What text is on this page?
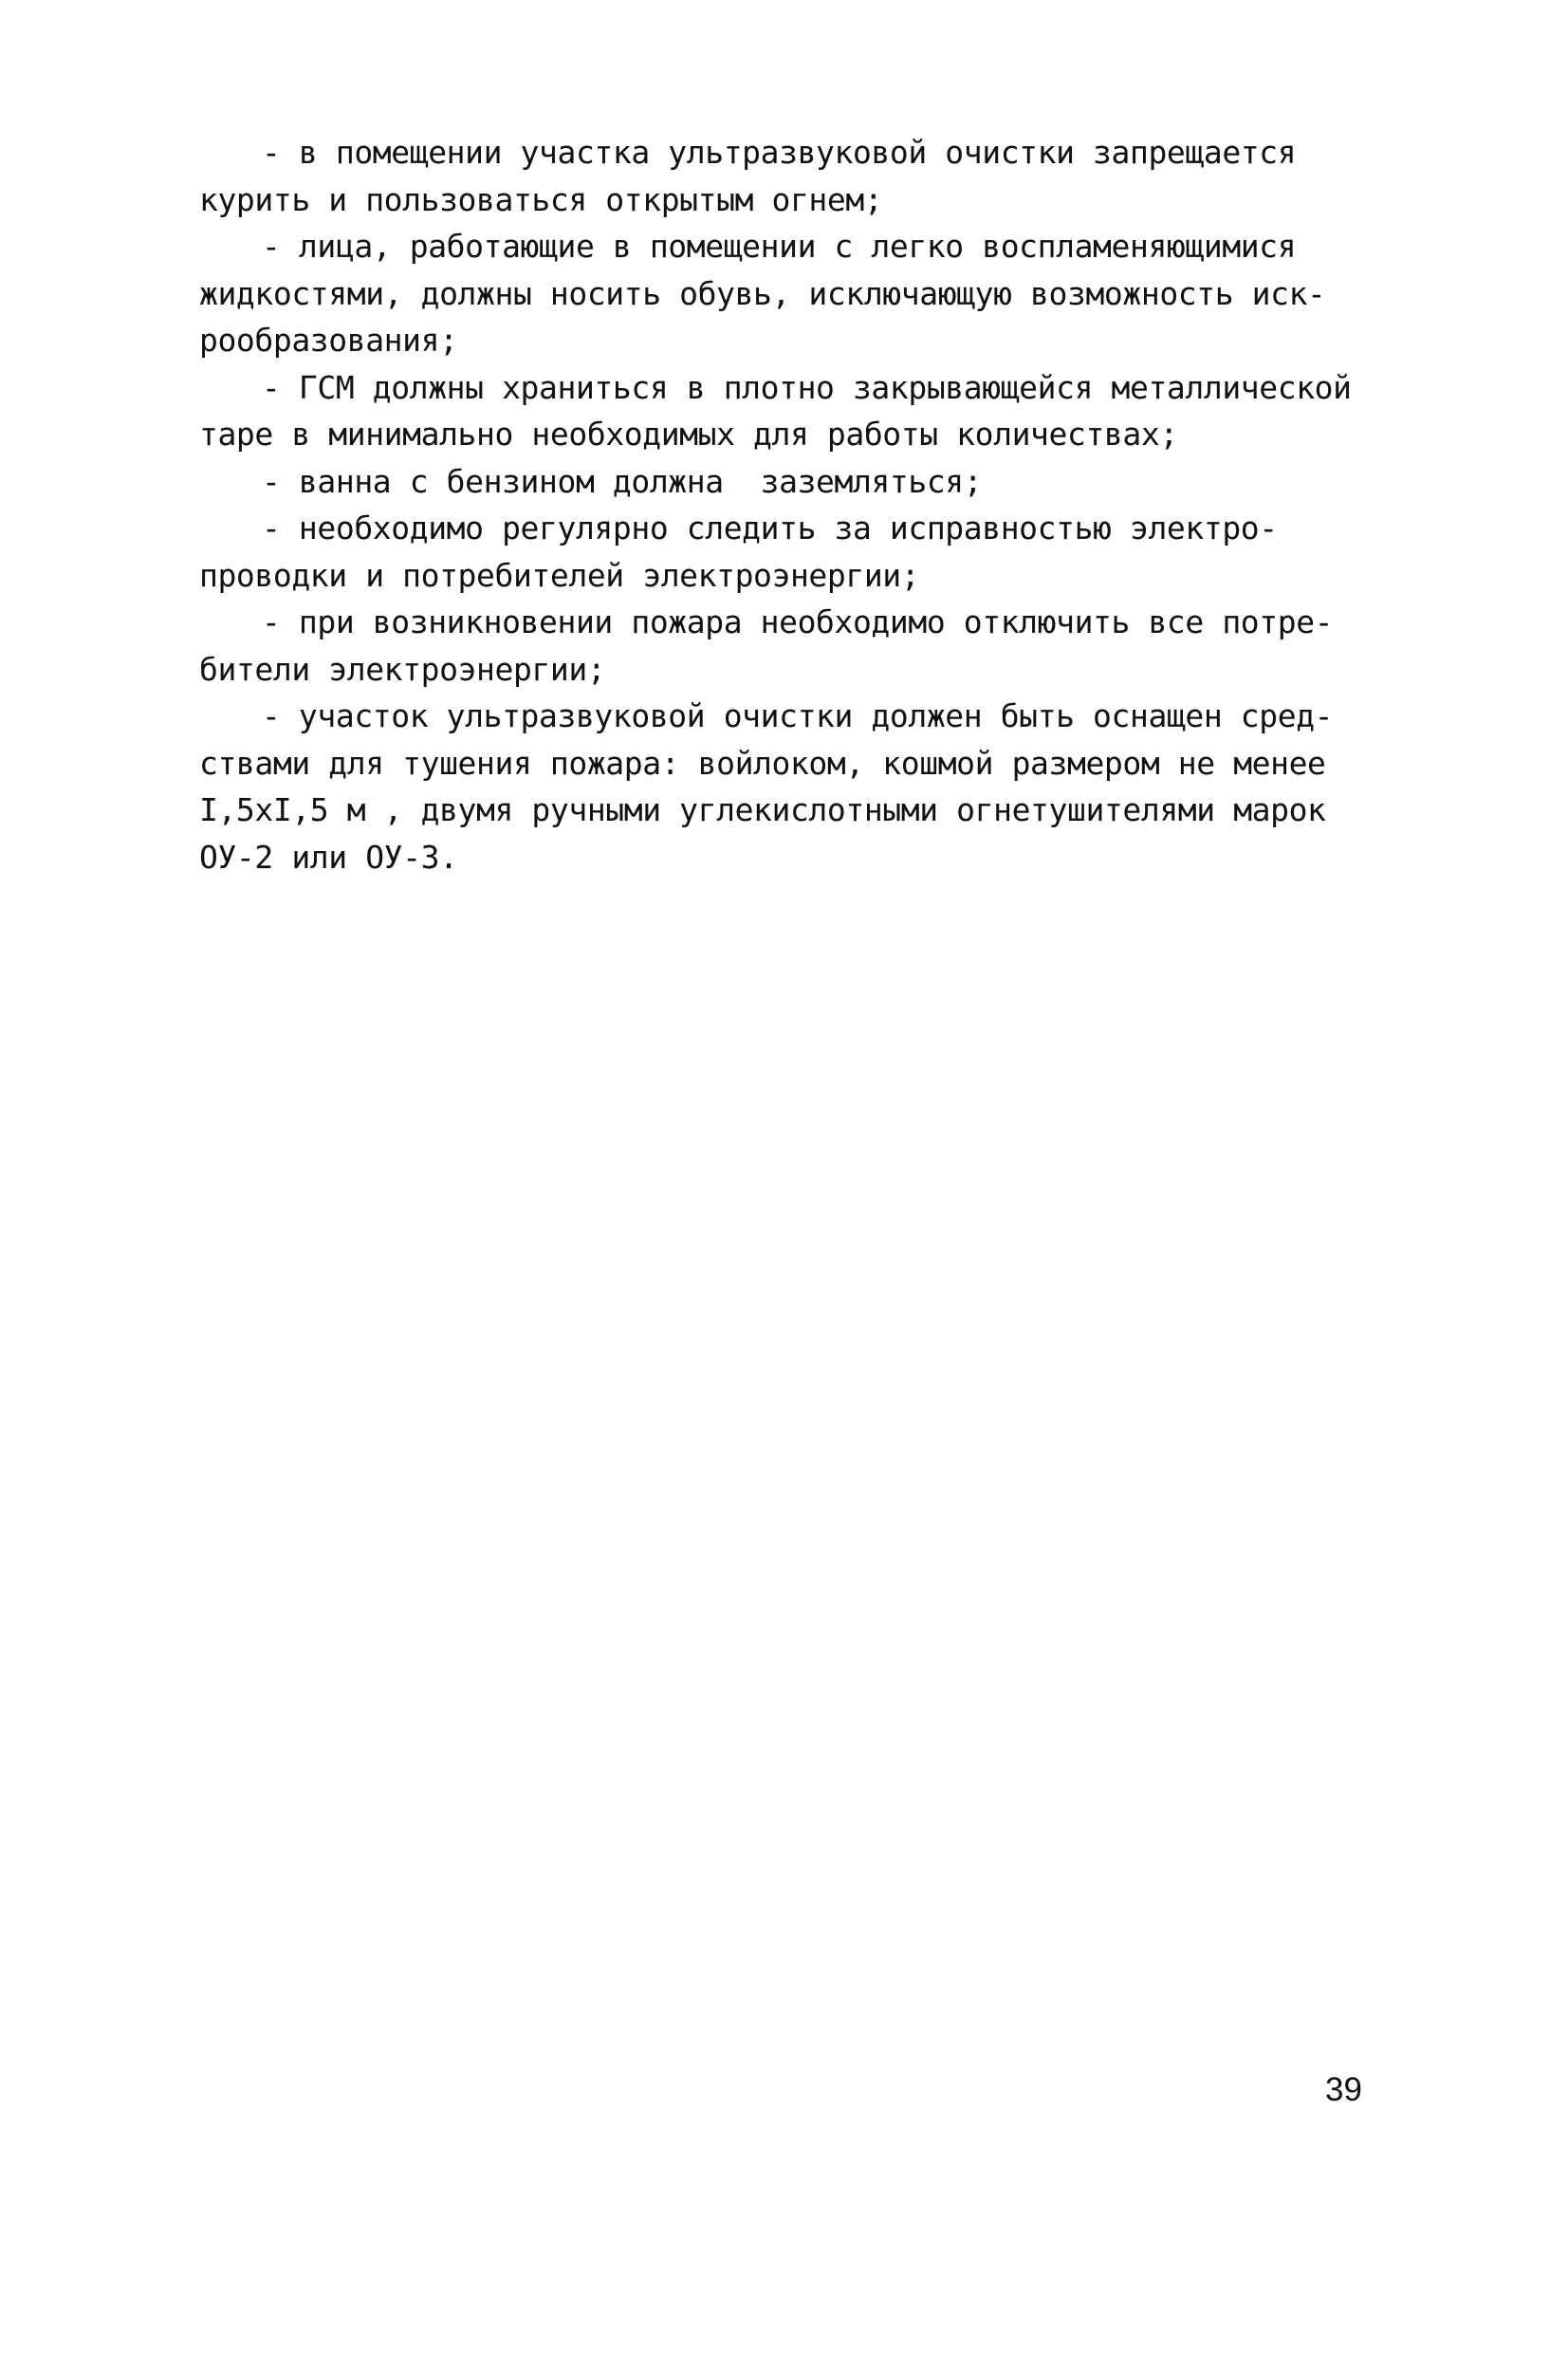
- в помещении участка ультразвуковой очистки запрещается
курить и пользоваться открытым огнем;
- лица, работающие в помещении с легко воспламеняющимися
жидкостями, должны носить обувь, исключающую возможность иск-
рообразования;
- ГСМ должны храниться в плотно закрывающейся металлической
таре в минимально необходимых для работы количествах;
- ванна с бензином должна  заземляться;
- необходимо регулярно следить за исправностью электро-
проводки и потребителей электроэнергии;
- при возникновении пожара необходимо отключить все потре-
бители электроэнергии;
- участок ультразвуковой очистки должен быть оснащен сред-
ствами для тушения пожара: войлоком, кошмой размером не менее
I,5хI,5 м , двумя ручными углекислотными огнетушителями марок
ОУ-2 или ОУ-3.
39
